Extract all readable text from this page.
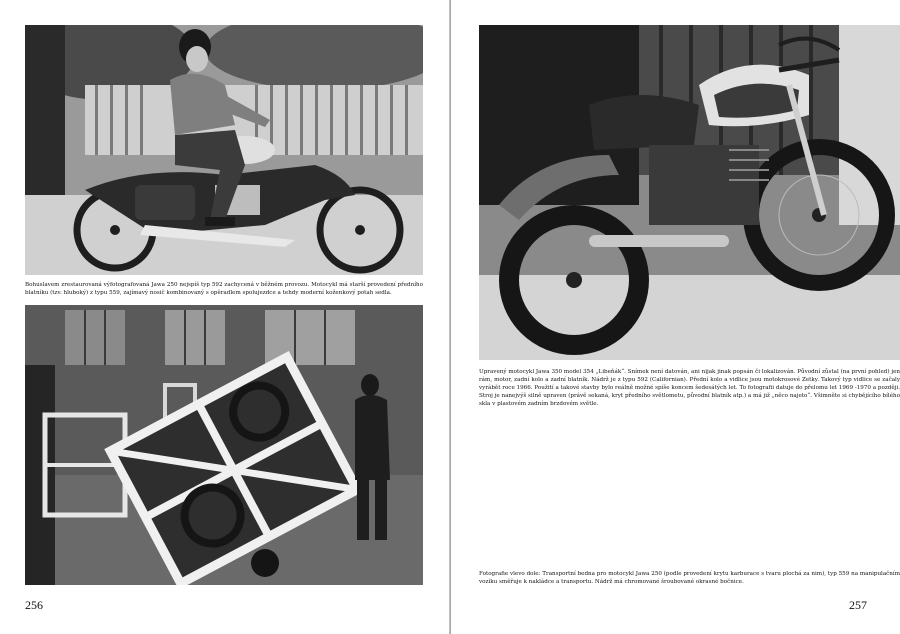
Bohuslavem zrestaurovaná výfotografovaná Jawa 250 nejspíš typ 592 zachycená v běžném provozu. Motocykl má starší provedení předního blatníku (tzv. hluboký) z typu 559, zajímavý nosič kombinovaný s opěradlem spolujezdce a tehdy moderní koženkový potah sedla.
256
Upravený motocykl Jawa 350 model 354 „Libeňák“. Snímek není datován, ani nijak jinak popsán či lokalizován. Původní zůstal (na první pohled) jen rám, motor, zadní kolo a zadní blatník. Nádrž je z typu 592 (Californian). Přední kolo a vidlice jsou motokrosové Zetky. Takový typ vidlice se začaly vyrábět roce 1966. Použití a takové stavby bylo reálně možné spíše koncem šedesátých let. To fotografii datuje do přelomu let 1969 -1970 a později. Stroj je nanejvýš silně upraven (právě sekaná, kryt předního světlometu, původní blatník atp.) a má již „něco najeto“. Všimněte si chybějícího bílého skla v plastovém zadním brzdovém světle.
Fotografie vlevo dole: Transportní bedna pro motocykl Jawa 250 (podle provedení krytu karburace s tvaru plochá za nim), typ 559 na manipulačním vozíku směřuje k nakládce a transportu. Nádrž má chromované šroubované okrasné bočnice.
257
